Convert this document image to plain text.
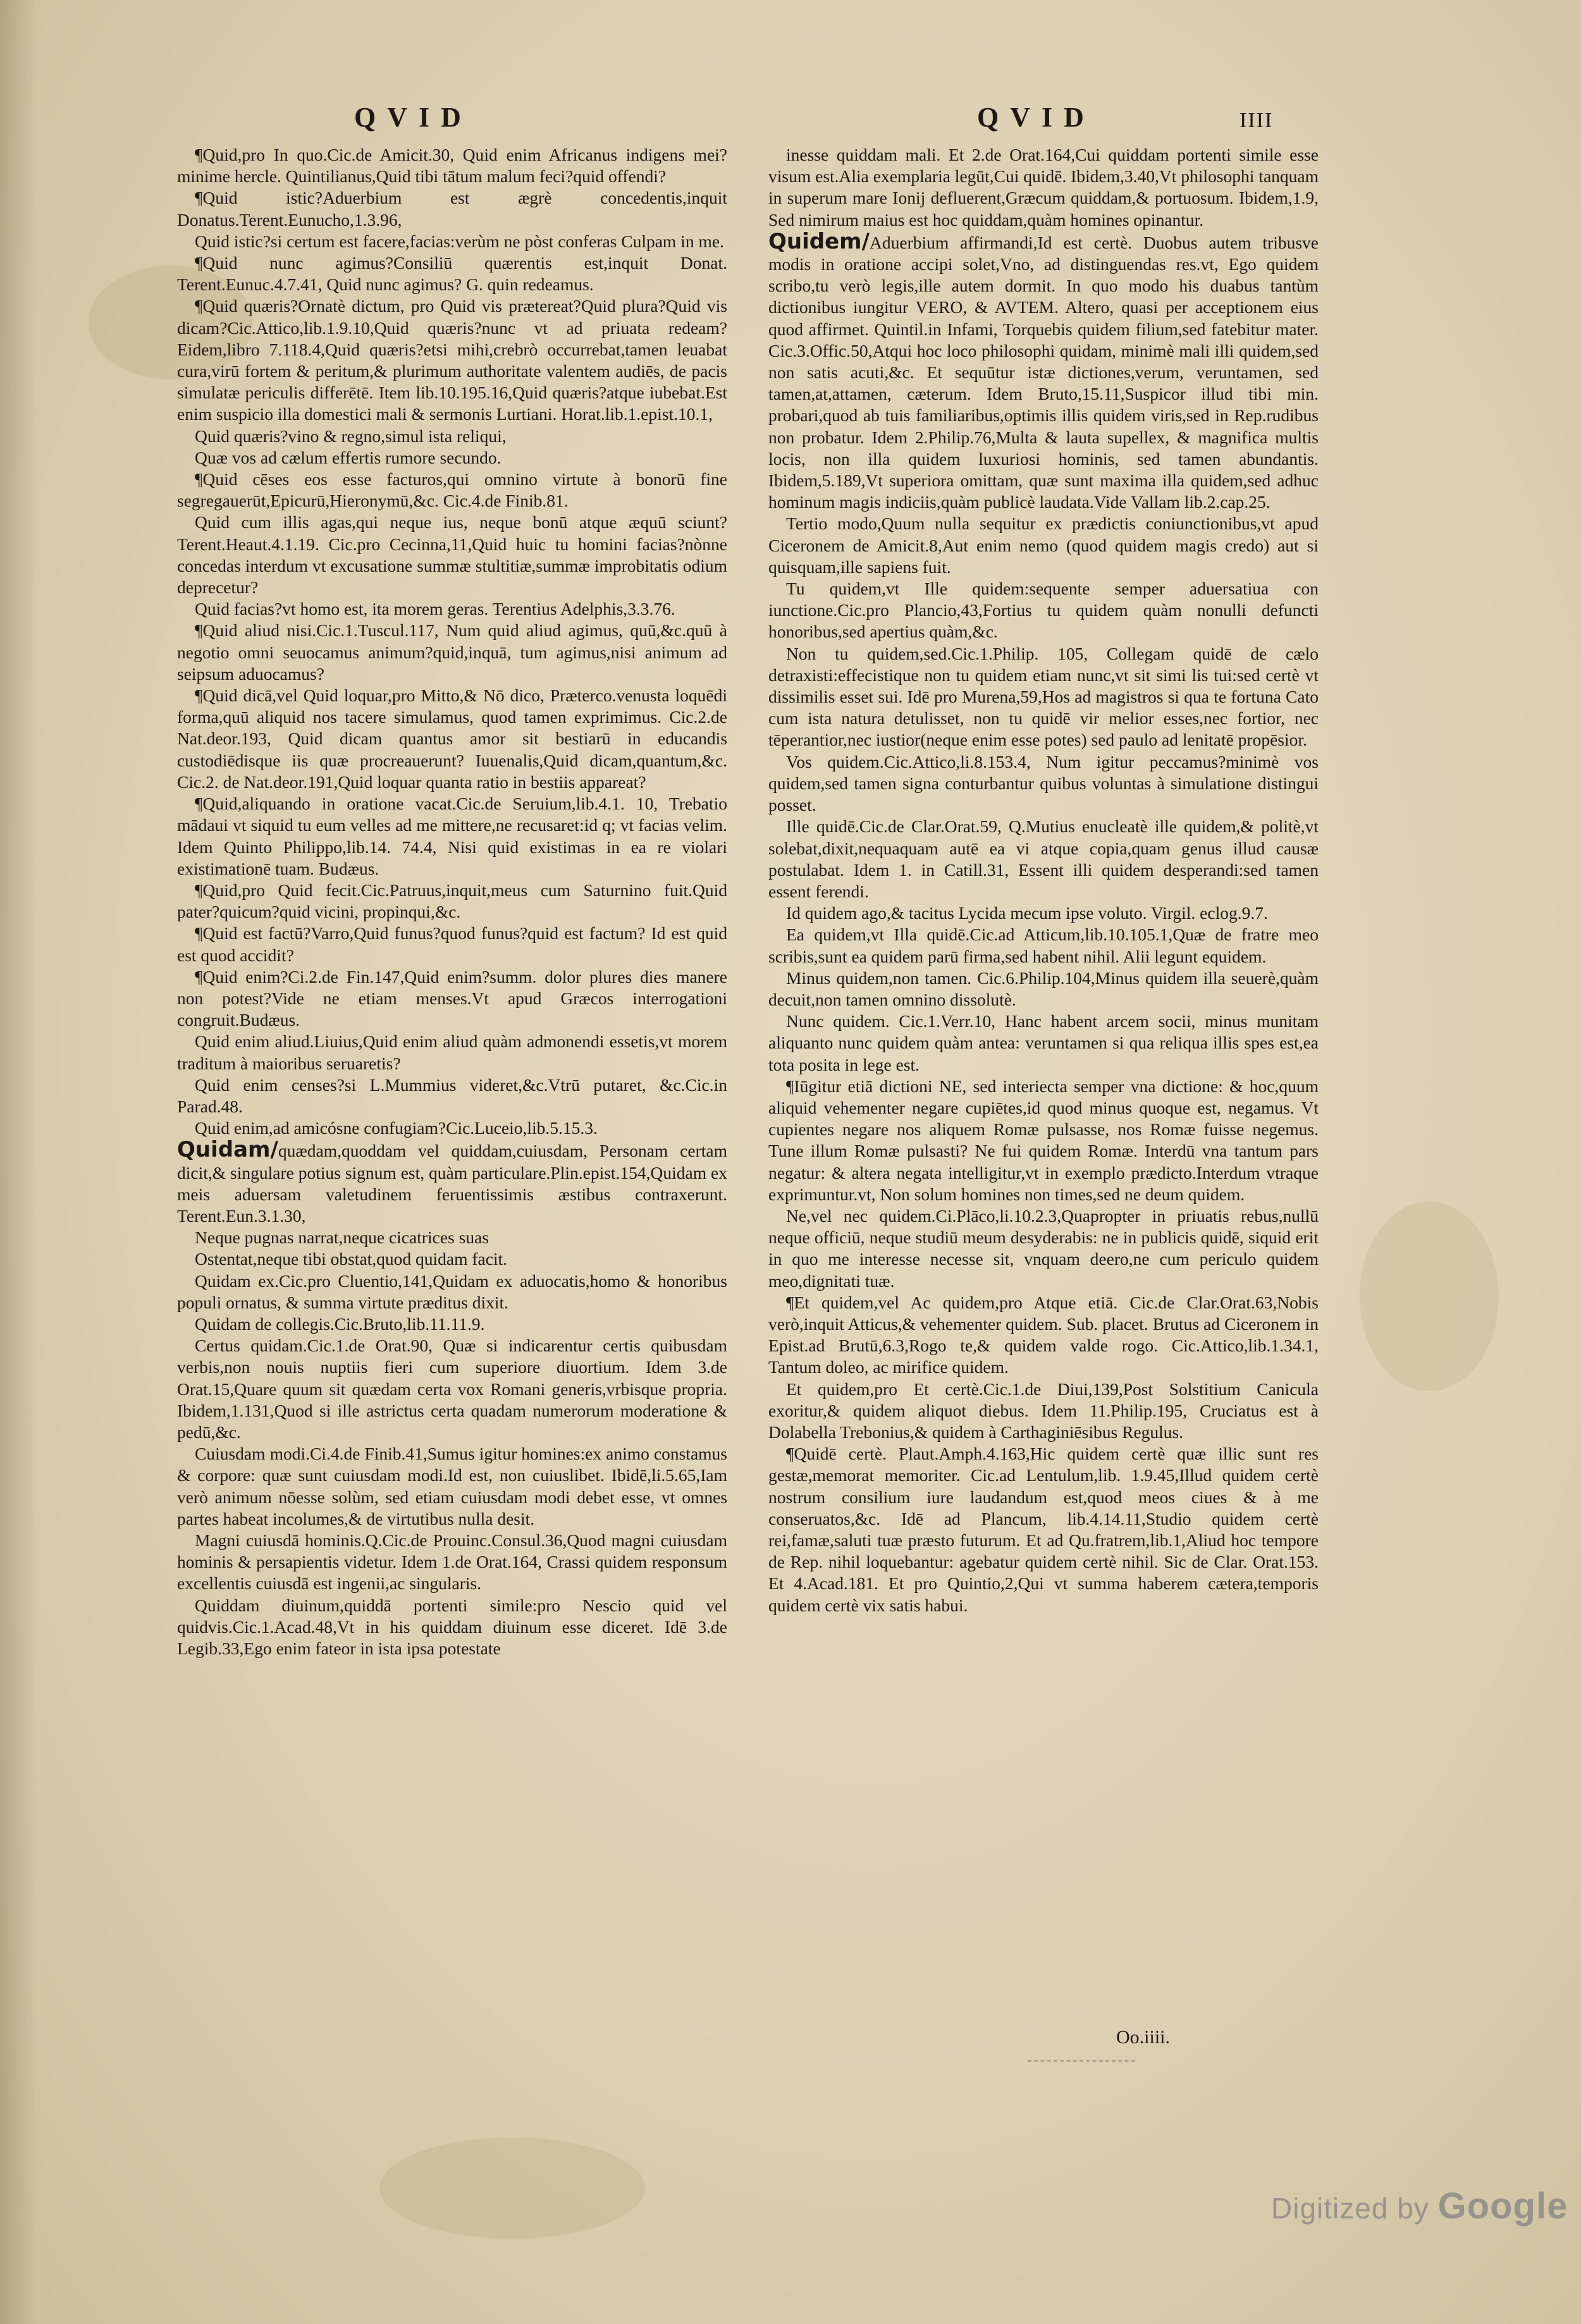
QVID	QVID	IIII

¶Quid,pro In quo.Cic.de Amicit.30, Quid enim Africanus indigens mei?minime hercle. Quintilianus,Quid tibi tātum malum feci?quid offendi?

¶Quid istic?Aduerbium est ægrè concedentis,inquit Donatus.Terent.Eunucho,1.3.96,

Quid istic?si certum est facere,facias:verùm ne pòst conferas Culpam in me.

¶Quid nunc agimus?Consiliū quærentis est,inquit Donat. Terent.Eunuc.4.7.41, Quid nunc agimus? G. quin redeamus.

¶Quid quæris?Ornatè dictum, pro Quid vis prætereat?Quid plura?Quid vis dicam?Cic.Attico,lib.1.9.10,Quid quæris?nunc vt ad priuata redeam? Eidem,libro 7.118.4,Quid quæris?etsi mihi,crebrò occurrebat,tamen leuabat cura,virū fortem & peritum,& plurimum authoritate valentem audiēs, de pacis simulatæ periculis differētē. Item lib.10.195.16,Quid quæris?atque iubebat.Est enim suspicio illa domestici mali & sermonis Lurtiani. Horat.lib.1.epist.10.1,

Quid quæris?vino & regno,simul ista reliqui,

Quæ vos ad cælum effertis rumore secundo.

¶Quid cēses eos esse facturos,qui omnino virtute à bonorū fine segregauerūt,Epicurū,Hieronymū,&c. Cic.4.de Finib.81.

Quid cum illis agas,qui neque ius, neque bonū atque æquū sciunt?Terent.Heaut.4.1.19. Cic.pro Cecinna,11,Quid huic tu homini facias?nònne concedas interdum vt excusatione summæ stultitiæ,summæ improbitatis odium deprecetur?

Quid facias?vt homo est, ita morem geras. Terentius Adelphis,3.3.76.

¶Quid aliud nisi.Cic.1.Tuscul.117, Num quid aliud agimus, quū,&c.quū à negotio omni seuocamus animum?quid,inquā, tum agimus,nisi animum ad seipsum aduocamus?

¶Quid dicā,vel Quid loquar,pro Mitto,& Nō dico, Præterco.venusta loquēdi forma,quū aliquid nos tacere simulamus, quod tamen exprimimus. Cic.2.de Nat.deor.193, Quid dicam quantus amor sit bestiarū in educandis custodiēdisque iis quæ procreauerunt? Iuuenalis,Quid dicam,quantum,&c. Cic.2. de Nat.deor.191,Quid loquar quanta ratio in bestiis appareat?

¶Quid,aliquando in oratione vacat.Cic.de Seruium,lib.4.1. 10, Trebatio mādaui vt siquid tu eum velles ad me mittere,ne recusaret:id q; vt facias velim. Idem Quinto Philippo,lib.14. 74.4, Nisi quid existimas in ea re violari existimationē tuam. Budæus.

¶Quid,pro Quid fecit.Cic.Patruus,inquit,meus cum Saturnino fuit.Quid pater?quicum?quid vicini, propinqui,&c.

¶Quid est factū?Varro,Quid funus?quod funus?quid est factum? Id est quid est quod accidit?

¶Quid enim?Ci.2.de Fin.147,Quid enim?summ. dolor plures dies manere non potest?Vide ne etiam menses.Vt apud Græcos interrogationi congruit.Budæus.

Quid enim aliud.Liuius,Quid enim aliud quàm admonendi essetis,vt morem traditum à maioribus seruaretis?

Quid enim censes?si L.Mummius videret,&c.Vtrū putaret, &c.Cic.in Parad.48.

Quid enim,ad amicósne confugiam?Cic.Luceio,lib.5.15.3.

Quidam/quædam,quoddam vel quiddam,cuiusdam, Personam certam dicit,& singulare potius signum est, quàm particulare.Plin.epist.154,Quidam ex meis aduersam valetudinem feruentissimis æstibus contraxerunt. Terent.Eun.3.1.30,

Neque pugnas narrat,neque cicatrices suas

Ostentat,neque tibi obstat,quod quidam facit.

Quidam ex.Cic.pro Cluentio,141,Quidam ex aduocatis,homo & honoribus populi ornatus, & summa virtute præditus dixit.

Quidam de collegis.Cic.Bruto,lib.11.11.9.

Certus quidam.Cic.1.de Orat.90, Quæ si indicarentur certis quibusdam verbis,non nouis nuptiis fieri cum superiore diuortium. Idem 3.de Orat.15,Quare quum sit quædam certa vox Romani generis,vrbisque propria. Ibidem,1.131,Quod si ille astrictus certa quadam numerorum moderatione & pedū,&c.

Cuiusdam modi.Ci.4.de Finib.41,Sumus igitur homines:ex animo constamus & corpore: quæ sunt cuiusdam modi.Id est, non cuiuslibet. Ibidē,li.5.65,Iam verò animum nōesse solùm, sed etiam cuiusdam modi debet esse, vt omnes partes habeat incolumes,& de virtutibus nulla desit.

Magni cuiusdā hominis.Q.Cic.de Prouinc.Consul.36,Quod magni cuiusdam hominis & persapientis videtur. Idem 1.de Orat.164, Crassi quidem responsum excellentis cuiusdā est ingenii,ac singularis.

Quiddam diuinum,quiddā portenti simile:pro Nescio quid vel quidvis.Cic.1.Acad.48,Vt in his quiddam diuinum esse diceret. Idē 3.de Legib.33,Ego enim fateor in ista ipsa potestate

inesse quiddam mali. Et 2.de Orat.164,Cui quiddam portenti simile esse visum est.Alia exemplaria legūt,Cui quidē. Ibidem,3.40,Vt philosophi tanquam in superum mare Ionij defluerent,Græcum quiddam,& portuosum. Ibidem,1.9, Sed nimirum maius est hoc quiddam,quàm homines opinantur.

Quidem/Aduerbium affirmandi,Id est certè. Duobus autem tribusve modis in oratione accipi solet,Vno, ad distinguendas res.vt, Ego quidem scribo,tu verò legis,ille autem dormit. In quo modo his duabus tantùm dictionibus iungitur VERO, & AVTEM. Altero, quasi per acceptionem eius quod affirmet. Quintil.in Infami, Torquebis quidem filium,sed fatebitur mater. Cic.3.Offic.50,Atqui hoc loco philosophi quidam, minimè mali illi quidem,sed non satis acuti,&c. Et sequūtur istæ dictiones,verum, veruntamen, sed tamen,at,attamen, cæterum. Idem Bruto,15.11,Suspicor illud tibi min. probari,quod ab tuis familiaribus,optimis illis quidem viris,sed in Rep.rudibus non probatur. Idem 2.Philip.76,Multa & lauta supellex, & magnifica multis locis, non illa quidem luxuriosi hominis, sed tamen abundantis. Ibidem,5.189,Vt superiora omittam, quæ sunt maxima illa quidem,sed adhuc hominum magis indiciis,quàm publicè laudata.Vide Vallam lib.2.cap.25.

Tertio modo,Quum nulla sequitur ex prædictis coniunctionibus,vt apud Ciceronem de Amicit.8,Aut enim nemo (quod quidem magis credo) aut si quisquam,ille sapiens fuit.

Tu quidem,vt Ille quidem:sequente semper aduersatiua con iunctione.Cic.pro Plancio,43,Fortius tu quidem quàm nonulli defuncti honoribus,sed apertius quàm,&c.

Non tu quidem,sed.Cic.1.Philip. 105, Collegam quidē de cælo detraxisti:effecistique non tu quidem etiam nunc,vt sit simi lis tui:sed certè vt dissimilis esset sui. Idē pro Murena,59,Hos ad magistros si qua te fortuna Cato cum ista natura detulisset, non tu quidē vir melior esses,nec fortior, nec tēperantior,nec iustior(neque enim esse potes) sed paulo ad lenitatē propēsior.

Vos quidem.Cic.Attico,li.8.153.4, Num igitur peccamus?minimè vos quidem,sed tamen signa conturbantur quibus voluntas à simulatione distingui posset.

Ille quidē.Cic.de Clar.Orat.59, Q.Mutius enucleatè ille quidem,& politè,vt solebat,dixit,nequaquam autē ea vi atque copia,quam genus illud causæ postulabat. Idem 1. in Catill.31, Essent illi quidem desperandi:sed tamen essent ferendi.

Id quidem ago,& tacitus Lycida mecum ipse voluto. Virgil. eclog.9.7.

Ea quidem,vt Illa quidē.Cic.ad Atticum,lib.10.105.1,Quæ de fratre meo scribis,sunt ea quidem parū firma,sed habent nihil. Alii legunt equidem.

Minus quidem,non tamen. Cic.6.Philip.104,Minus quidem illa seuerè,quàm decuit,non tamen omnino dissolutè.

Nunc quidem. Cic.1.Verr.10, Hanc habent arcem socii, minus munitam aliquanto nunc quidem quàm antea: veruntamen si qua reliqua illis spes est,ea tota posita in lege est.

¶Iūgitur etiā dictioni NE, sed interiecta semper vna dictione: & hoc,quum aliquid vehementer negare cupiētes,id quod minus quoque est, negamus. Vt cupientes negare nos aliquem Romæ pulsasse, nos Romæ fuisse negemus. Tune illum Romæ pulsasti? Ne fui quidem Romæ. Interdū vna tantum pars negatur: & altera negata intelligitur,vt in exemplo prædicto.Interdum vtraque exprimuntur.vt, Non solum homines non times,sed ne deum quidem.

Ne,vel nec quidem.Ci.Plāco,li.10.2.3,Quapropter in priuatis rebus,nullū neque officiū, neque studiū meum desyderabis: ne in publicis quidē, siquid erit in quo me interesse necesse sit, vnquam deero,ne cum periculo quidem meo,dignitati tuæ.

¶Et quidem,vel Ac quidem,pro Atque etiā. Cic.de Clar.Orat.63,Nobis verò,inquit Atticus,& vehementer quidem. Sub. placet. Brutus ad Ciceronem in Epist.ad Brutū,6.3,Rogo te,& quidem valde rogo. Cic.Attico,lib.1.34.1, Tantum doleo, ac mirifice quidem.

Et quidem,pro Et certè.Cic.1.de Diui,139,Post Solstitium Canicula exoritur,& quidem aliquot diebus. Idem 11.Philip.195, Cruciatus est à Dolabella Trebonius,& quidem à Carthaginiēsibus Regulus.

¶Quidē certè. Plaut.Amph.4.163,Hic quidem certè quæ illic sunt res gestæ,memorat memoriter. Cic.ad Lentulum,lib. 1.9.45,Illud quidem certè nostrum consilium iure laudandum est,quod meos ciues & à me conseruatos,&c. Idē ad Plancum, lib.4.14.11,Studio quidem certè rei,famæ,saluti tuæ præsto futurum. Et ad Qu.fratrem,lib.1,Aliud hoc tempore de Rep. nihil loquebantur: agebatur quidem certè nihil. Sic de Clar. Orat.153. Et 4.Acad.181. Et pro Quintio,2,Qui vt summa haberem cætera,temporis quidem certè vix satis habui.

Oo.iiii.
Digitized by Google
